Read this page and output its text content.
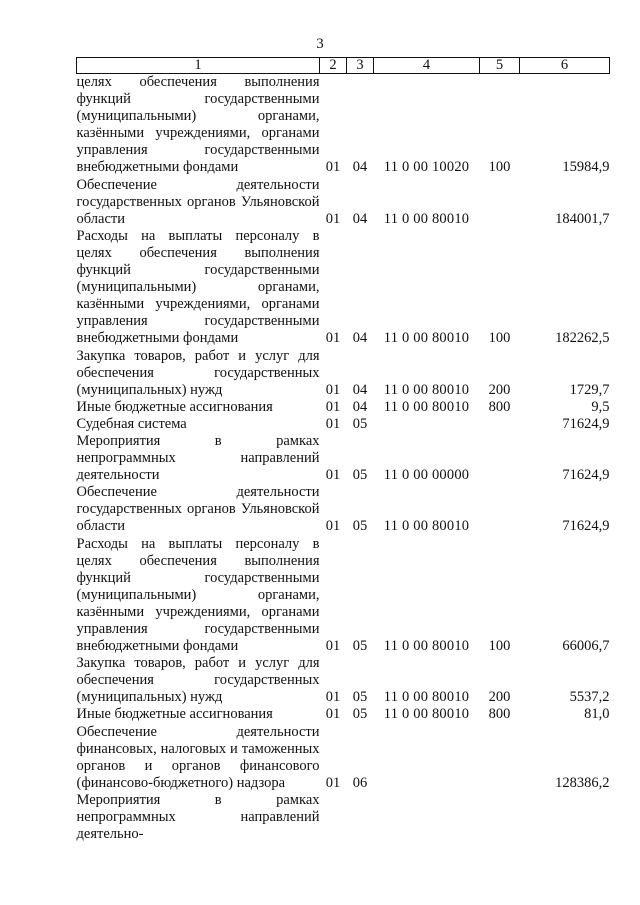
3
1	2	3	4	5	6
целях обеспечения выполнения функций государственными (муниципальными) органами, казёнными учреждениями, органами управления государственными внебюджетными фондами	01	04	11 0 00 10020	100	15984,9
Обеспечение деятельности государственных органов Ульяновской области	01	04	11 0 00 80010		184001,7
Расходы на выплаты персоналу в целях обеспечения выполнения функций государственными (муниципальными) органами, казёнными учреждениями, органами управления государственными внебюджетными фондами	01	04	11 0 00 80010	100	182262,5
Закупка товаров, работ и услуг для обеспечения государственных (муниципальных) нужд	01	04	11 0 00 80010	200	1729,7
Иные бюджетные ассигнования	01	04	11 0 00 80010	800	9,5
Судебная система	01	05			71624,9
Мероприятия в рамках непрограммных направлений деятельности	01	05	11 0 00 00000		71624,9
Обеспечение деятельности государственных органов Ульяновской области	01	05	11 0 00 80010		71624,9
Расходы на выплаты персоналу в целях обеспечения выполнения функций государственными (муниципальными) органами, казёнными учреждениями, органами управления государственными внебюджетными фондами	01	05	11 0 00 80010	100	66006,7
Закупка товаров, работ и услуг для обеспечения государственных (муниципальных) нужд	01	05	11 0 00 80010	200	5537,2
Иные бюджетные ассигнования	01	05	11 0 00 80010	800	81,0
Обеспечение деятельности финансовых, налоговых и таможенных органов и органов финансового (финансово-бюджетного) надзора	01	06			128386,2
Мероприятия в рамках непрограммных направлений деятельно-					
